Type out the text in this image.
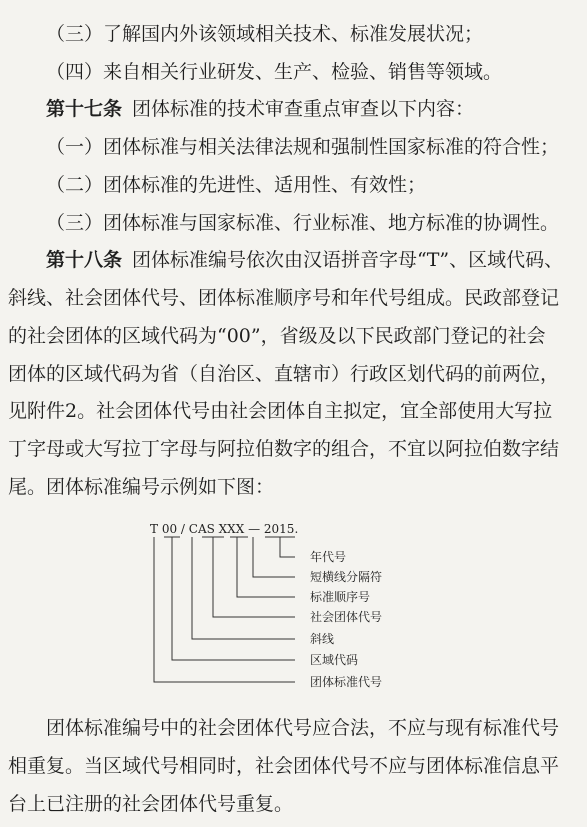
（三）了解国内外该领域相关技术、标准发展状况；
（四）来自相关行业研发、生产、检验、销售等领域。
第十七条 团体标准的技术审查重点审查以下内容：
（一）团体标准与相关法律法规和强制性国家标准的符合性；
（二）团体标准的先进性、适用性、有效性；
（三）团体标准与国家标准、行业标准、地方标准的协调性。
第十八条 团体标准编号依次由汉语拼音字母“T”、区域代码、
斜线、社会团体代号、团体标准顺序号和年代号组成。民政部登记
的社会团体的区域代码为“00”，省级及以下民政部门登记的社会
团体的区域代码为省（自治区、直辖市）行政区划代码的前两位，
见附件2。社会团体代号由社会团体自主拟定，宜全部使用大写拉
丁字母或大写拉丁字母与阿拉伯数字的组合，不宜以阿拉伯数字结
尾。团体标准编号示例如下图：
T 00 / CAS XXX — 2015.
年代号
短横线分隔符
标准顺序号
社会团体代号
斜线
区域代码
团体标准代号
团体标准编号中的社会团体代号应合法，不应与现有标准代号
相重复。当区域代号相同时，社会团体代号不应与团体标准信息平
台上已注册的社会团体代号重复。
